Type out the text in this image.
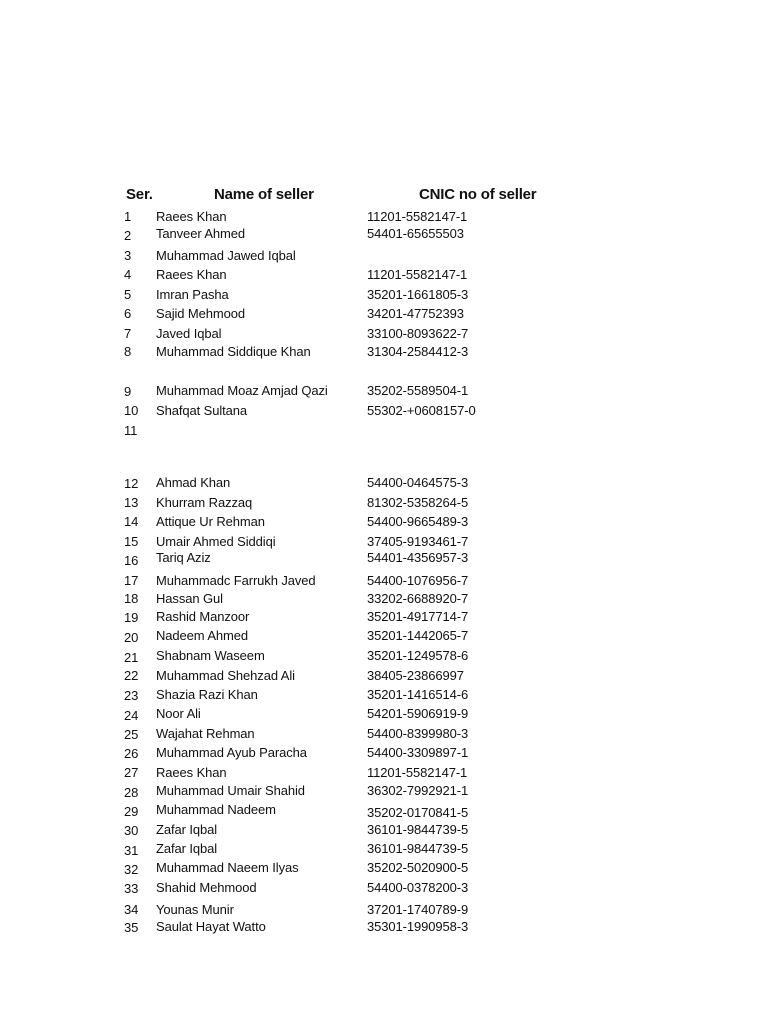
Ser.	Name of seller	CNIC no of seller
1	Raees Khan	11201-5582147-1
2	Tanveer Ahmed	54401-65655503
3	Muhammad Jawed Iqbal
4	Raees Khan	11201-5582147-1
5	Imran Pasha	35201-1661805-3
6	Sajid Mehmood	34201-47752393
7	Javed Iqbal	33100-8093622-7
8	Muhammad Siddique Khan	31304-2584412-3
9	Muhammad Moaz Amjad Qazi	35202-5589504-1
10	Shafqat Sultana	55302-+0608157-0
11
12	Ahmad Khan	54400-0464575-3
13	Khurram Razzaq	81302-5358264-5
14	Attique Ur Rehman	54400-9665489-3
15	Umair Ahmed Siddiqi	37405-9193461-7
16	Tariq Aziz	54401-4356957-3
17	Muhammadc Farrukh Javed	54400-1076956-7
18	Hassan Gul	33202-6688920-7
19	Rashid Manzoor	35201-4917714-7
20	Nadeem Ahmed	35201-1442065-7
21	Shabnam Waseem	35201-1249578-6
22	Muhammad Shehzad Ali	38405-23866997
23	Shazia Razi Khan	35201-1416514-6
24	Noor Ali	54201-5906919-9
25	Wajahat Rehman	54400-8399980-3
26	Muhammad Ayub Paracha	54400-3309897-1
27	Raees Khan	11201-5582147-1
28	Muhammad Umair Shahid	36302-7992921-1
29	Muhammad Nadeem	35202-0170841-5
30	Zafar Iqbal	36101-9844739-5
31	Zafar Iqbal	36101-9844739-5
32	Muhammad Naeem Ilyas	35202-5020900-5
33	Shahid Mehmood	54400-0378200-3
34	Younas Munir	37201-1740789-9
35	Saulat Hayat Watto	35301-1990958-3
